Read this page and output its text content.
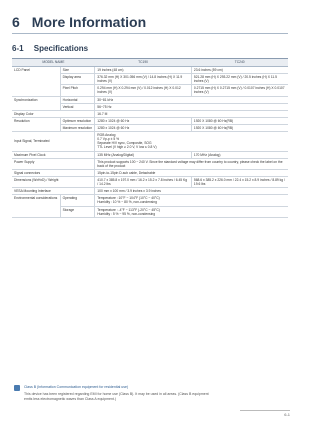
6 More Information
6-1 Specifications
MODEL NAME		TC190	TC240
LCD Panel	Size	19 inches (48 cm)	23.6 inches (59 cm)
	Display area	376.32 mm (H) X 301.056 mm (V) / 14.8 inches (H) X 11.9 inches (V)	521.28 mm (H) X 293.22 mm (V) / 20.5 inches (H) X 11.5 inches (V)
	Pixel Pitch	0.294 mm (H) X 0.294 mm (V) / 0.012 inches (H) X 0.012 inches (V)	0.2715 mm (H) X 0.2715 mm (V) / 0.0107 inches (H) X 0.0107 inches (V)
Synchronization	Horizontal	30~81 kHz	
	Vertical	56~75 Hz	
Display Color		16.7 M	
Resolution	Optimum resolution	1280 x 1024 @ 60 Hz	1920 X 1080 @ 60 Hz(RB)
	Maximum resolution	1280 x 1024 @ 60 Hz	1920 X 1080 @ 60 Hz(RB)
Input Signal, Terminated		RGB Analog
0.7 Vp-p ± 5 %
Separate H/V sync, Composite, SOG
TTL Level (V high ≥ 2.0 V, V low ≤ 0.8 V)	
Maximum Pixel Clock		135 MHz (Analog/Digital)	170 MHz (Analog)
Power Supply		This product supports 100 ~ 240 V. Since the standard voltage may differ from country to country, please check the label on the back of the product	
Signal connectors		15pin-to-15pin D-sub cable, Detachable	
Dimensions (WxHxD) / Weight		410.7 x 385.8 x 197.0 mm / 16.2 x 15.2 x 7.8 inches / 6.45 Kg / 14.2 lbs	568.6 x 385.2 x 226.0 mm / 22.4 x 15.2 x 8.9 inches / 8.89 kg / 19.6 lbs
VESA Mounting Interface		100 mm x 100 mm / 3.9 inches x 3.9 inches	
Environmental considerations	Operating	Temperature : 10°F ~ 104°F (10°C ~ 40°C)
Humidity : 10 % ~ 80 %, non-condensing	
	Storage	Temperature : -4°F ~ 113°F (-20°C ~ 45°C)
Humidity : 5 % ~ 95 %, non-condensing	
Class B (Information Communication equipment for residential use)
This device has been registered regarding EMI for home use (Class B). It may be used in all areas. (Class B equipment
emits less electromagnetic waves than Class A equipment.)
6-1
